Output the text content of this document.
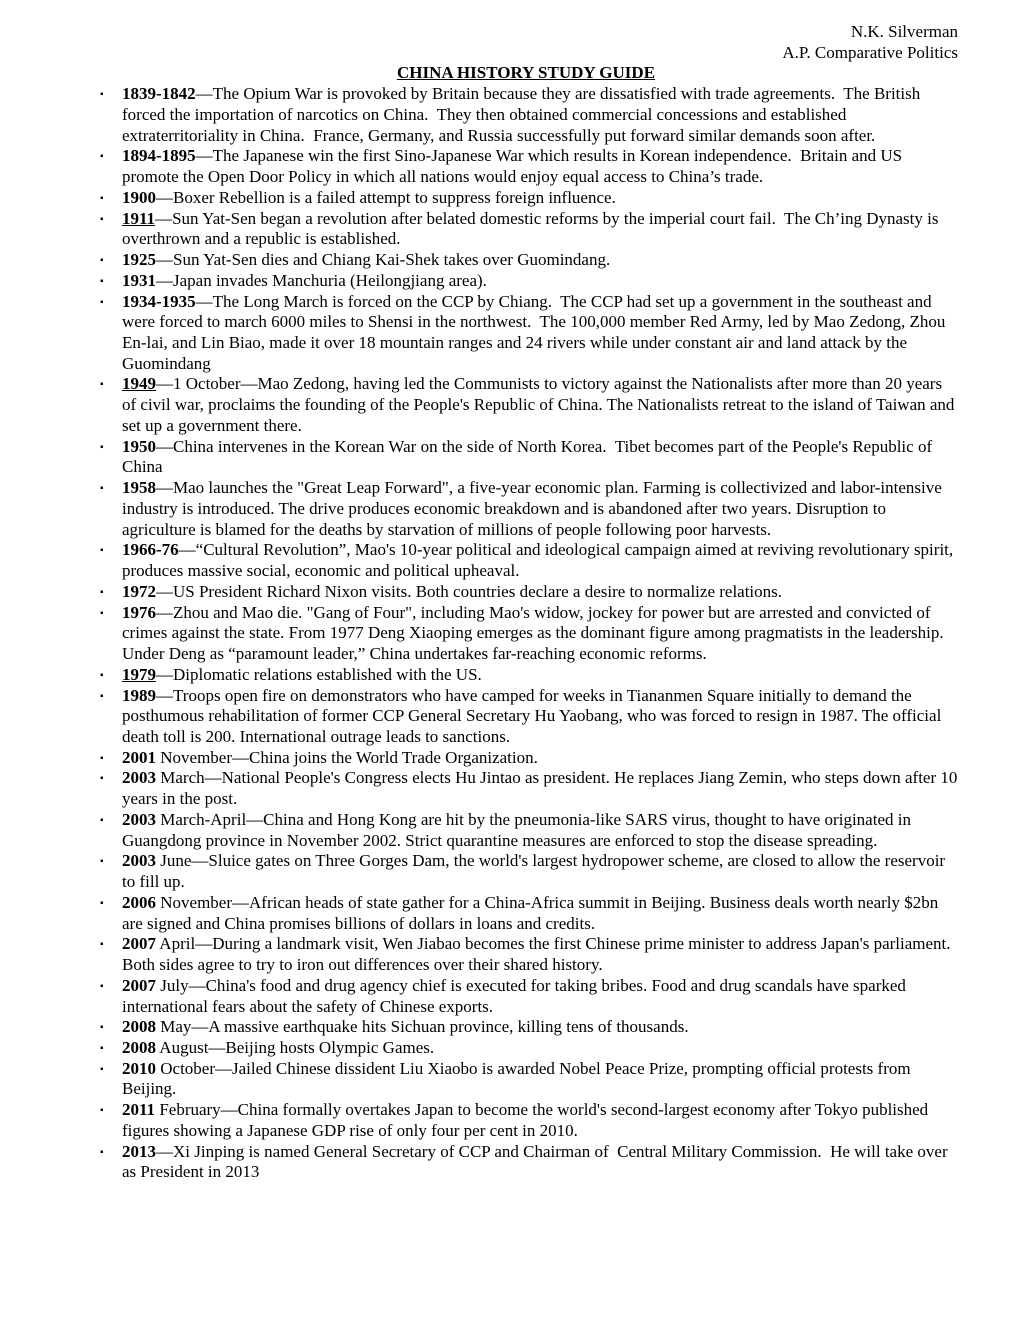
N.K. Silverman
A.P. Comparative Politics
CHINA HISTORY STUDY GUIDE
▪ 1839-1842—The Opium War is provoked by Britain because they are dissatisfied with trade agreements.  The British forced the importation of narcotics on China.  They then obtained commercial concessions and established extraterritoriality in China.  France, Germany, and Russia successfully put forward similar demands soon after.
▪ 1894-1895—The Japanese win the first Sino-Japanese War which results in Korean independence.  Britain and US promote the Open Door Policy in which all nations would enjoy equal access to China’s trade.
▪ 1900—Boxer Rebellion is a failed attempt to suppress foreign influence.
▪ 1911—Sun Yat-Sen began a revolution after belated domestic reforms by the imperial court fail.  The Ch’ing Dynasty is overthrown and a republic is established.
▪ 1925—Sun Yat-Sen dies and Chiang Kai-Shek takes over Guomindang.
▪ 1931—Japan invades Manchuria (Heilongjiang area).
▪ 1934-1935—The Long March is forced on the CCP by Chiang.  The CCP had set up a government in the southeast and were forced to march 6000 miles to Shensi in the northwest.  The 100,000 member Red Army, led by Mao Zedong, Zhou En-lai, and Lin Biao, made it over 18 mountain ranges and 24 rivers while under constant air and land attack by the Guomindang
▪ 1949—1 October—Mao Zedong, having led the Communists to victory against the Nationalists after more than 20 years of civil war, proclaims the founding of the People's Republic of China. The Nationalists retreat to the island of Taiwan and set up a government there.
▪ 1950—China intervenes in the Korean War on the side of North Korea.  Tibet becomes part of the People's Republic of China
▪ 1958—Mao launches the "Great Leap Forward", a five-year economic plan. Farming is collectivized and labor-intensive industry is introduced. The drive produces economic breakdown and is abandoned after two years. Disruption to agriculture is blamed for the deaths by starvation of millions of people following poor harvests.
▪ 1966-76—“Cultural Revolution”, Mao's 10-year political and ideological campaign aimed at reviving revolutionary spirit, produces massive social, economic and political upheaval.
▪ 1972—US President Richard Nixon visits. Both countries declare a desire to normalize relations.
▪ 1976—Zhou and Mao die. "Gang of Four", including Mao's widow, jockey for power but are arrested and convicted of crimes against the state. From 1977 Deng Xiaoping emerges as the dominant figure among pragmatists in the leadership. Under Deng as “paramount leader,” China undertakes far-reaching economic reforms.
▪ 1979—Diplomatic relations established with the US.
▪ 1989—Troops open fire on demonstrators who have camped for weeks in Tiananmen Square initially to demand the posthumous rehabilitation of former CCP General Secretary Hu Yaobang, who was forced to resign in 1987. The official death toll is 200. International outrage leads to sanctions.
▪ 2001 November—China joins the World Trade Organization.
▪ 2003 March—National People's Congress elects Hu Jintao as president. He replaces Jiang Zemin, who steps down after 10 years in the post.
▪ 2003 March-April—China and Hong Kong are hit by the pneumonia-like SARS virus, thought to have originated in Guangdong province in November 2002. Strict quarantine measures are enforced to stop the disease spreading.
▪ 2003 June—Sluice gates on Three Gorges Dam, the world's largest hydropower scheme, are closed to allow the reservoir to fill up.
▪ 2006 November—African heads of state gather for a China-Africa summit in Beijing. Business deals worth nearly $2bn are signed and China promises billions of dollars in loans and credits.
▪ 2007 April—During a landmark visit, Wen Jiabao becomes the first Chinese prime minister to address Japan's parliament. Both sides agree to try to iron out differences over their shared history.
▪ 2007 July—China's food and drug agency chief is executed for taking bribes. Food and drug scandals have sparked international fears about the safety of Chinese exports.
▪ 2008 May—A massive earthquake hits Sichuan province, killing tens of thousands.
▪ 2008 August—Beijing hosts Olympic Games.
▪ 2010 October—Jailed Chinese dissident Liu Xiaobo is awarded Nobel Peace Prize, prompting official protests from Beijing.
▪ 2011 February—China formally overtakes Japan to become the world's second-largest economy after Tokyo published figures showing a Japanese GDP rise of only four per cent in 2010.
▪ 2013—Xi Jinping is named General Secretary of CCP and Chairman of  Central Military Commission.  He will take over as President in 2013
